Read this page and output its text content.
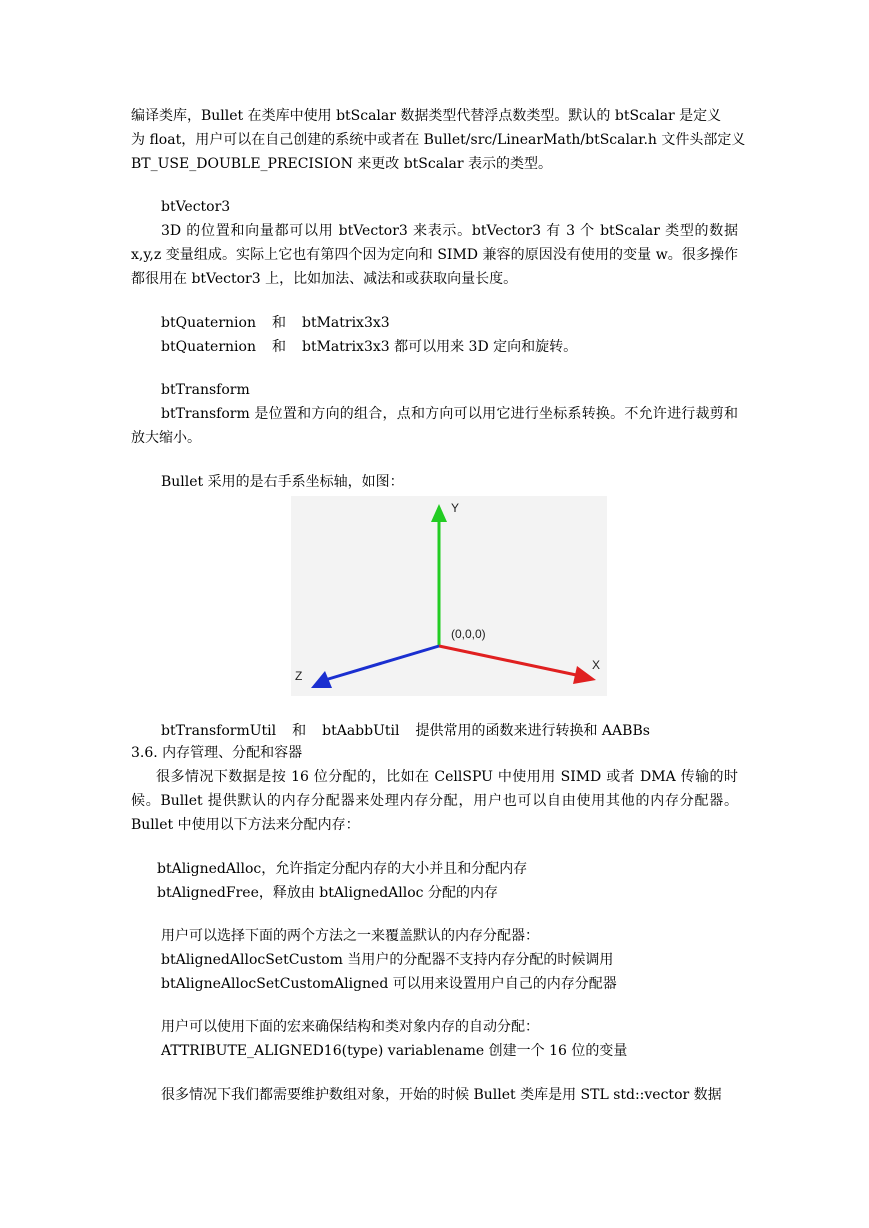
编译类库，Bullet 在类库中使用 btScalar 数据类型代替浮点数类型。默认的 btScalar 是定义

为 float，用户可以在自己创建的系统中或者在 Bullet/src/LinearMath/btScalar.h 文件头部定义

BT_USE_DOUBLE_PRECISION 来更改 btScalar 表示的类型。

btVector3

3D 的位置和向量都可以用 btVector3 来表示。btVector3 有 3 个 btScalar 类型的数据 x,y,z 变量组成。实际上它也有第四个因为定向和 SIMD 兼容的原因没有使用的变量 w。很多操作都很用在 btVector3 上，比如加法、减法和或获取向量长度。

btQuaternion 和 btMatrix3x3

btQuaternion 和 btMatrix3x3 都可以用来 3D 定向和旋转。

btTransform

btTransform 是位置和方向的组合，点和方向可以用它进行坐标系转换。不允许进行裁剪和放大缩小。

Bullet 采用的是右手系坐标轴，如图：

Y
X
Z
(0,0,0)

btTransformUtil 和 btAabbUtil 提供常用的函数来进行转换和 AABBs

3.6. 内存管理、分配和容器

很多情况下数据是按 16 位分配的，比如在 CellSPU 中使用用 SIMD 或者 DMA 传输的时候。Bullet 提供默认的内存分配器来处理内存分配，用户也可以自由使用其他的内存分配器。Bullet 中使用以下方法来分配内存：

btAlignedAlloc，允许指定分配内存的大小并且和分配内存

btAlignedFree，释放由 btAlignedAlloc 分配的内存

用户可以选择下面的两个方法之一来覆盖默认的内存分配器：

btAlignedAllocSetCustom 当用户的分配器不支持内存分配的时候调用

btAligneAllocSetCustomAligned 可以用来设置用户自己的内存分配器

用户可以使用下面的宏来确保结构和类对象内存的自动分配：

ATTRIBUTE_ALIGNED16(type) variablename 创建一个 16 位的变量

很多情况下我们都需要维护数组对象，开始的时候 Bullet 类库是用 STL std::vector 数据
